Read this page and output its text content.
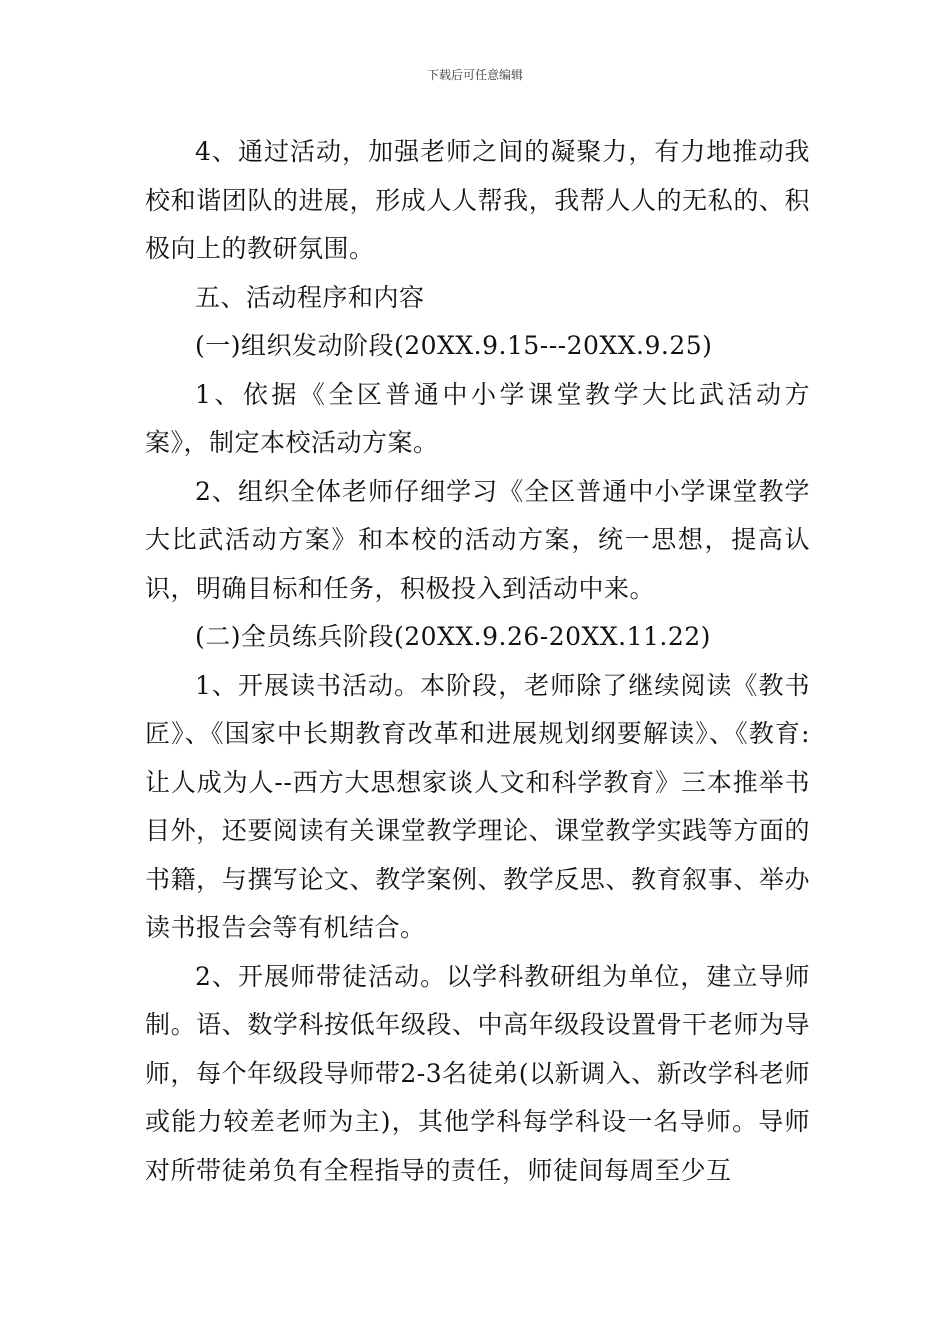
下载后可任意编辑

4、通过活动，加强老师之间的凝聚力，有力地推动我校和谐团队的进展，形成人人帮我，我帮人人的无私的、积极向上的教研氛围。

五、活动程序和内容

(一)组织发动阶段(20XX.9.15---20XX.9.25)

1、依据《全区普通中小学课堂教学大比武活动方案》，制定本校活动方案。

2、组织全体老师仔细学习《全区普通中小学课堂教学大比武活动方案》和本校的活动方案，统一思想，提高认识，明确目标和任务，积极投入到活动中来。

(二)全员练兵阶段(20XX.9.26-20XX.11.22)

1、开展读书活动。本阶段，老师除了继续阅读《教书匠》、《国家中长期教育改革和进展规划纲要解读》、《教育:让人成为人--西方大思想家谈人文和科学教育》三本推举书目外，还要阅读有关课堂教学理论、课堂教学实践等方面的书籍，与撰写论文、教学案例、教学反思、教育叙事、举办读书报告会等有机结合。

2、开展师带徒活动。以学科教研组为单位，建立导师制。语、数学科按低年级段、中高年级段设置骨干老师为导师，每个年级段导师带2-3名徒弟(以新调入、新改学科老师或能力较差老师为主)，其他学科每学科设一名导师。导师对所带徒弟负有全程指导的责任，师徒间每周至少互
